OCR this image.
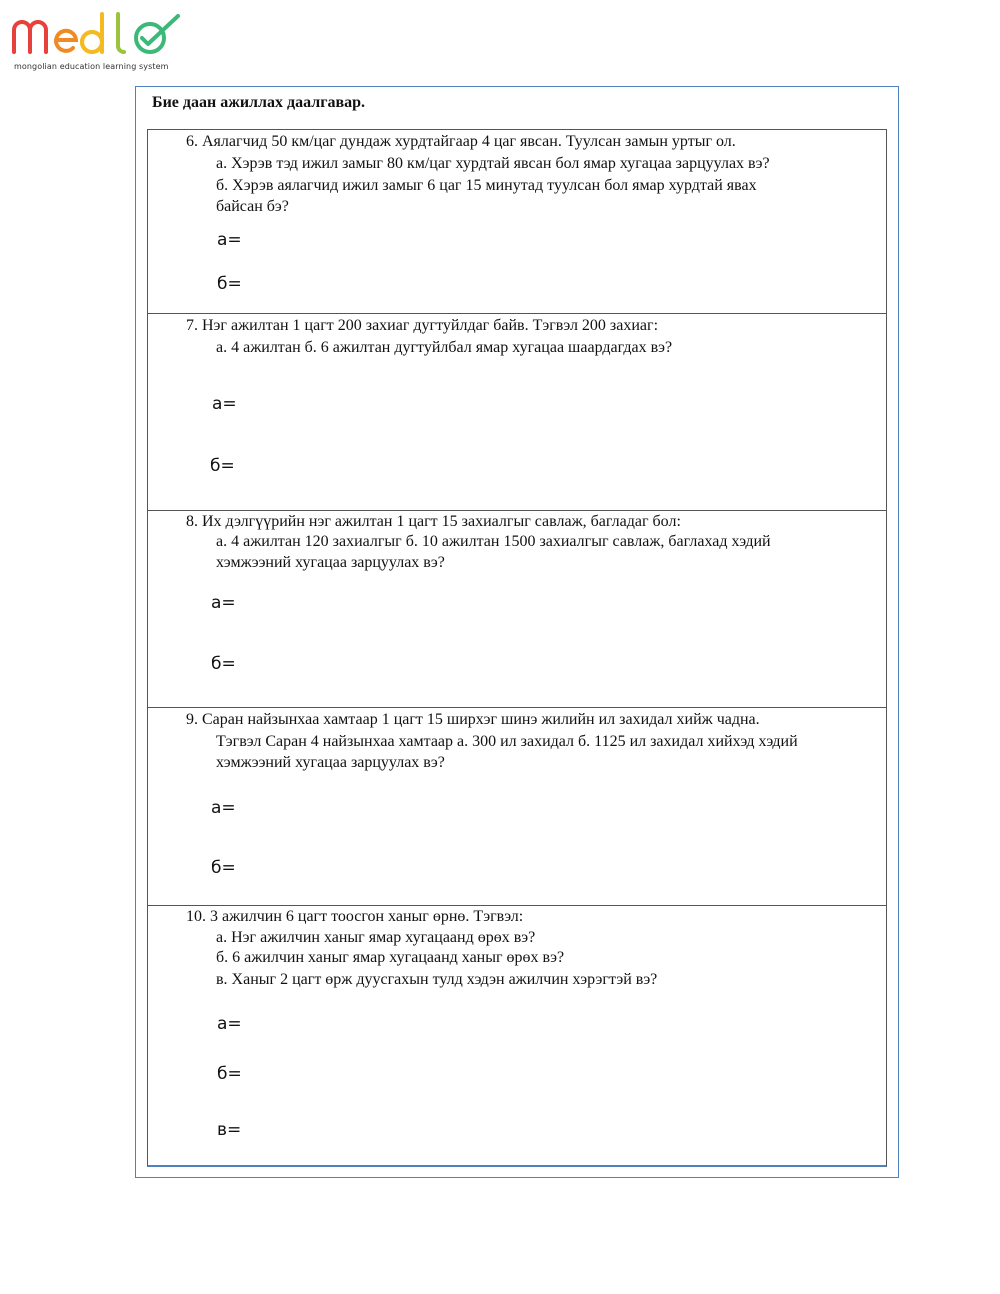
mongolian education learning system
Бие даан ажиллах даалгавар.
6. Аялагчид 50 км/цаг дундаж хурдтайгаар 4 цаг явсан. Туулсан замын уртыг ол.
а. Хэрэв тэд ижил замыг 80 км/цаг хурдтай явсан бол ямар хугацаа зарцуулах вэ?
б. Хэрэв аялагчид ижил замыг 6 цаг 15 минутад туулсан бол ямар хурдтай явах
байсан бэ?
а=
б=
7. Нэг ажилтан 1 цагт 200 захиаг дугтуйлдаг байв. Тэгвэл 200 захиаг:
а. 4 ажилтан б. 6 ажилтан дугтуйлбал ямар хугацаа шаардагдах вэ?
а=
б=
8. Их дэлгүүрийн нэг ажилтан 1 цагт 15 захиалгыг савлаж, багладаг бол:
а. 4 ажилтан 120 захиалгыг б. 10 ажилтан 1500 захиалгыг савлаж, баглахад хэдий
хэмжээний хугацаа зарцуулах вэ?
а=
б=
9. Саран найзынхаа хамтаар 1 цагт 15 ширхэг шинэ жилийн ил захидал хийж чадна.
Тэгвэл Саран 4 найзынхаа хамтаар а. 300 ил захидал б. 1125 ил захидал хийхэд хэдий
хэмжээний хугацаа зарцуулах вэ?
а=
б=
10. 3 ажилчин 6 цагт тоосгон ханыг өрнө. Тэгвэл:
а. Нэг ажилчин ханыг ямар хугацаанд өрөх вэ?
б. 6 ажилчин ханыг ямар хугацаанд ханыг өрөх вэ?
в. Ханыг 2 цагт өрж дуусгахын тулд хэдэн ажилчин хэрэгтэй вэ?
а=
б=
в=
